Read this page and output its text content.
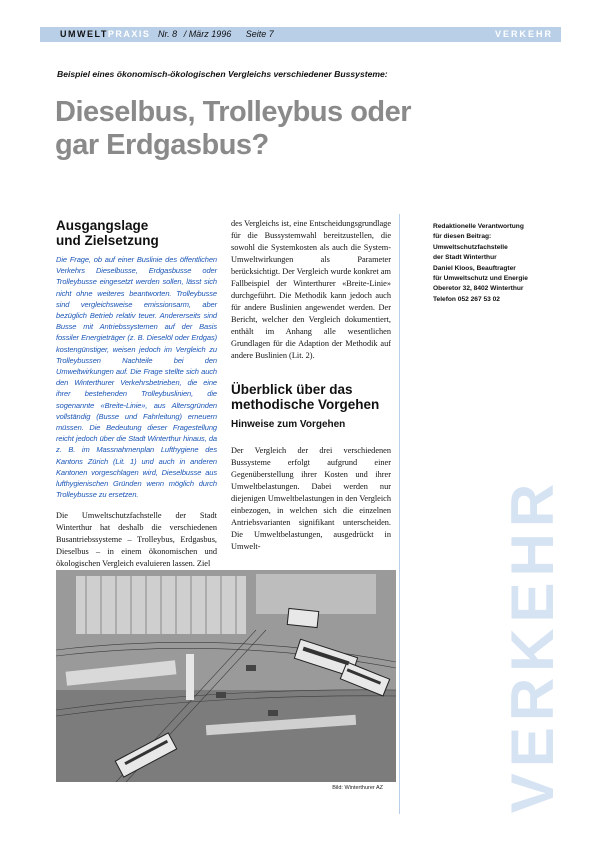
UMWELTPRAXIS Nr. 8 / März 1996 Seite 7	VERKEHR
Beispiel eines ökonomisch-ökologischen Vergleichs verschiedener Bussysteme:
Dieselbus, Trolleybus oder
gar Erdgasbus?
Ausgangslage
und Zielsetzung

Die Frage, ob auf einer Buslinie des öffentlichen Verkehrs Dieselbusse, Erdgasbusse oder Trolleybusse eingesetzt werden sollen, lässt sich nicht ohne weiteres beantworten. Trolleybusse sind vergleichsweise emissionsarm, aber bezüglich Betrieb relativ teuer. Andererseits sind Busse mit Antriebssystemen auf der Basis fossiler Energieträger (z. B. Dieselöl oder Erdgas) kostengünstiger, weisen jedoch im Vergleich zu Trolleybussen Nachteile bei den Umweltwirkungen auf. Die Frage stellte sich auch den Winterthurer Verkehrsbetrieben, die eine ihrer bestehenden Trolleybuslinien, die sogenannte «Breite-Linie», aus Altersgründen vollständig (Busse und Fahrleitung) erneuern müssen. Die Bedeutung dieser Fragestellung reicht jedoch über die Stadt Winterthur hinaus, da z. B. im Massnahmenplan Lufthygiene des Kantons Zürich (Lit. 1) und auch in anderen Kantonen vorgeschlagen wird, Dieselbusse aus lufthygienischen Gründen wenn möglich durch Trolleybusse zu ersetzen.

Die Umweltschutzfachstelle der Stadt Winterthur hat deshalb die verschiedenen Busantriebssysteme – Trolleybus, Erdgasbus, Dieselbus – in einem ökonomischen und ökologischen Vergleich evaluieren lassen. Ziel

des Vergleichs ist, eine Entscheidungsgrundlage für die Bussystemwahl bereitzustellen, die sowohl die Systemkosten als auch die System-Umweltwirkungen als Parameter berücksichtigt. Der Vergleich wurde konkret am Fallbeispiel der Winterthurer «Breite-Linie» durchgeführt. Die Methodik kann jedoch auch für andere Buslinien angewendet werden. Der Bericht, welcher den Vergleich dokumentiert, enthält im Anhang alle wesentlichen Grundlagen für die Adaption der Methodik auf andere Buslinien (Lit. 2).

Überblick über das
methodische Vorgehen
Hinweise zum Vorgehen

Der Vergleich der drei verschiedenen Bussysteme erfolgt aufgrund einer Gegenüberstellung ihrer Kosten und ihrer Umweltbelastungen. Dabei werden nur diejenigen Umweltbelastungen in den Vergleich einbezogen, in welchen sich die einzelnen Antriebsvarianten signifikant unterscheiden. Die Umweltbelastungen, ausgedrückt in Umwelt-

Redaktionelle Verantwortung
für diesen Beitrag:
Umweltschutzfachstelle
der Stadt Winterthur
Daniel Kloos, Beauftragter
für Umweltschutz und Energie
Oberetor 32, 8402 Winterthur
Telefon 052 267 53 02
VERKEHR
Bild: Winterthurer AZ
